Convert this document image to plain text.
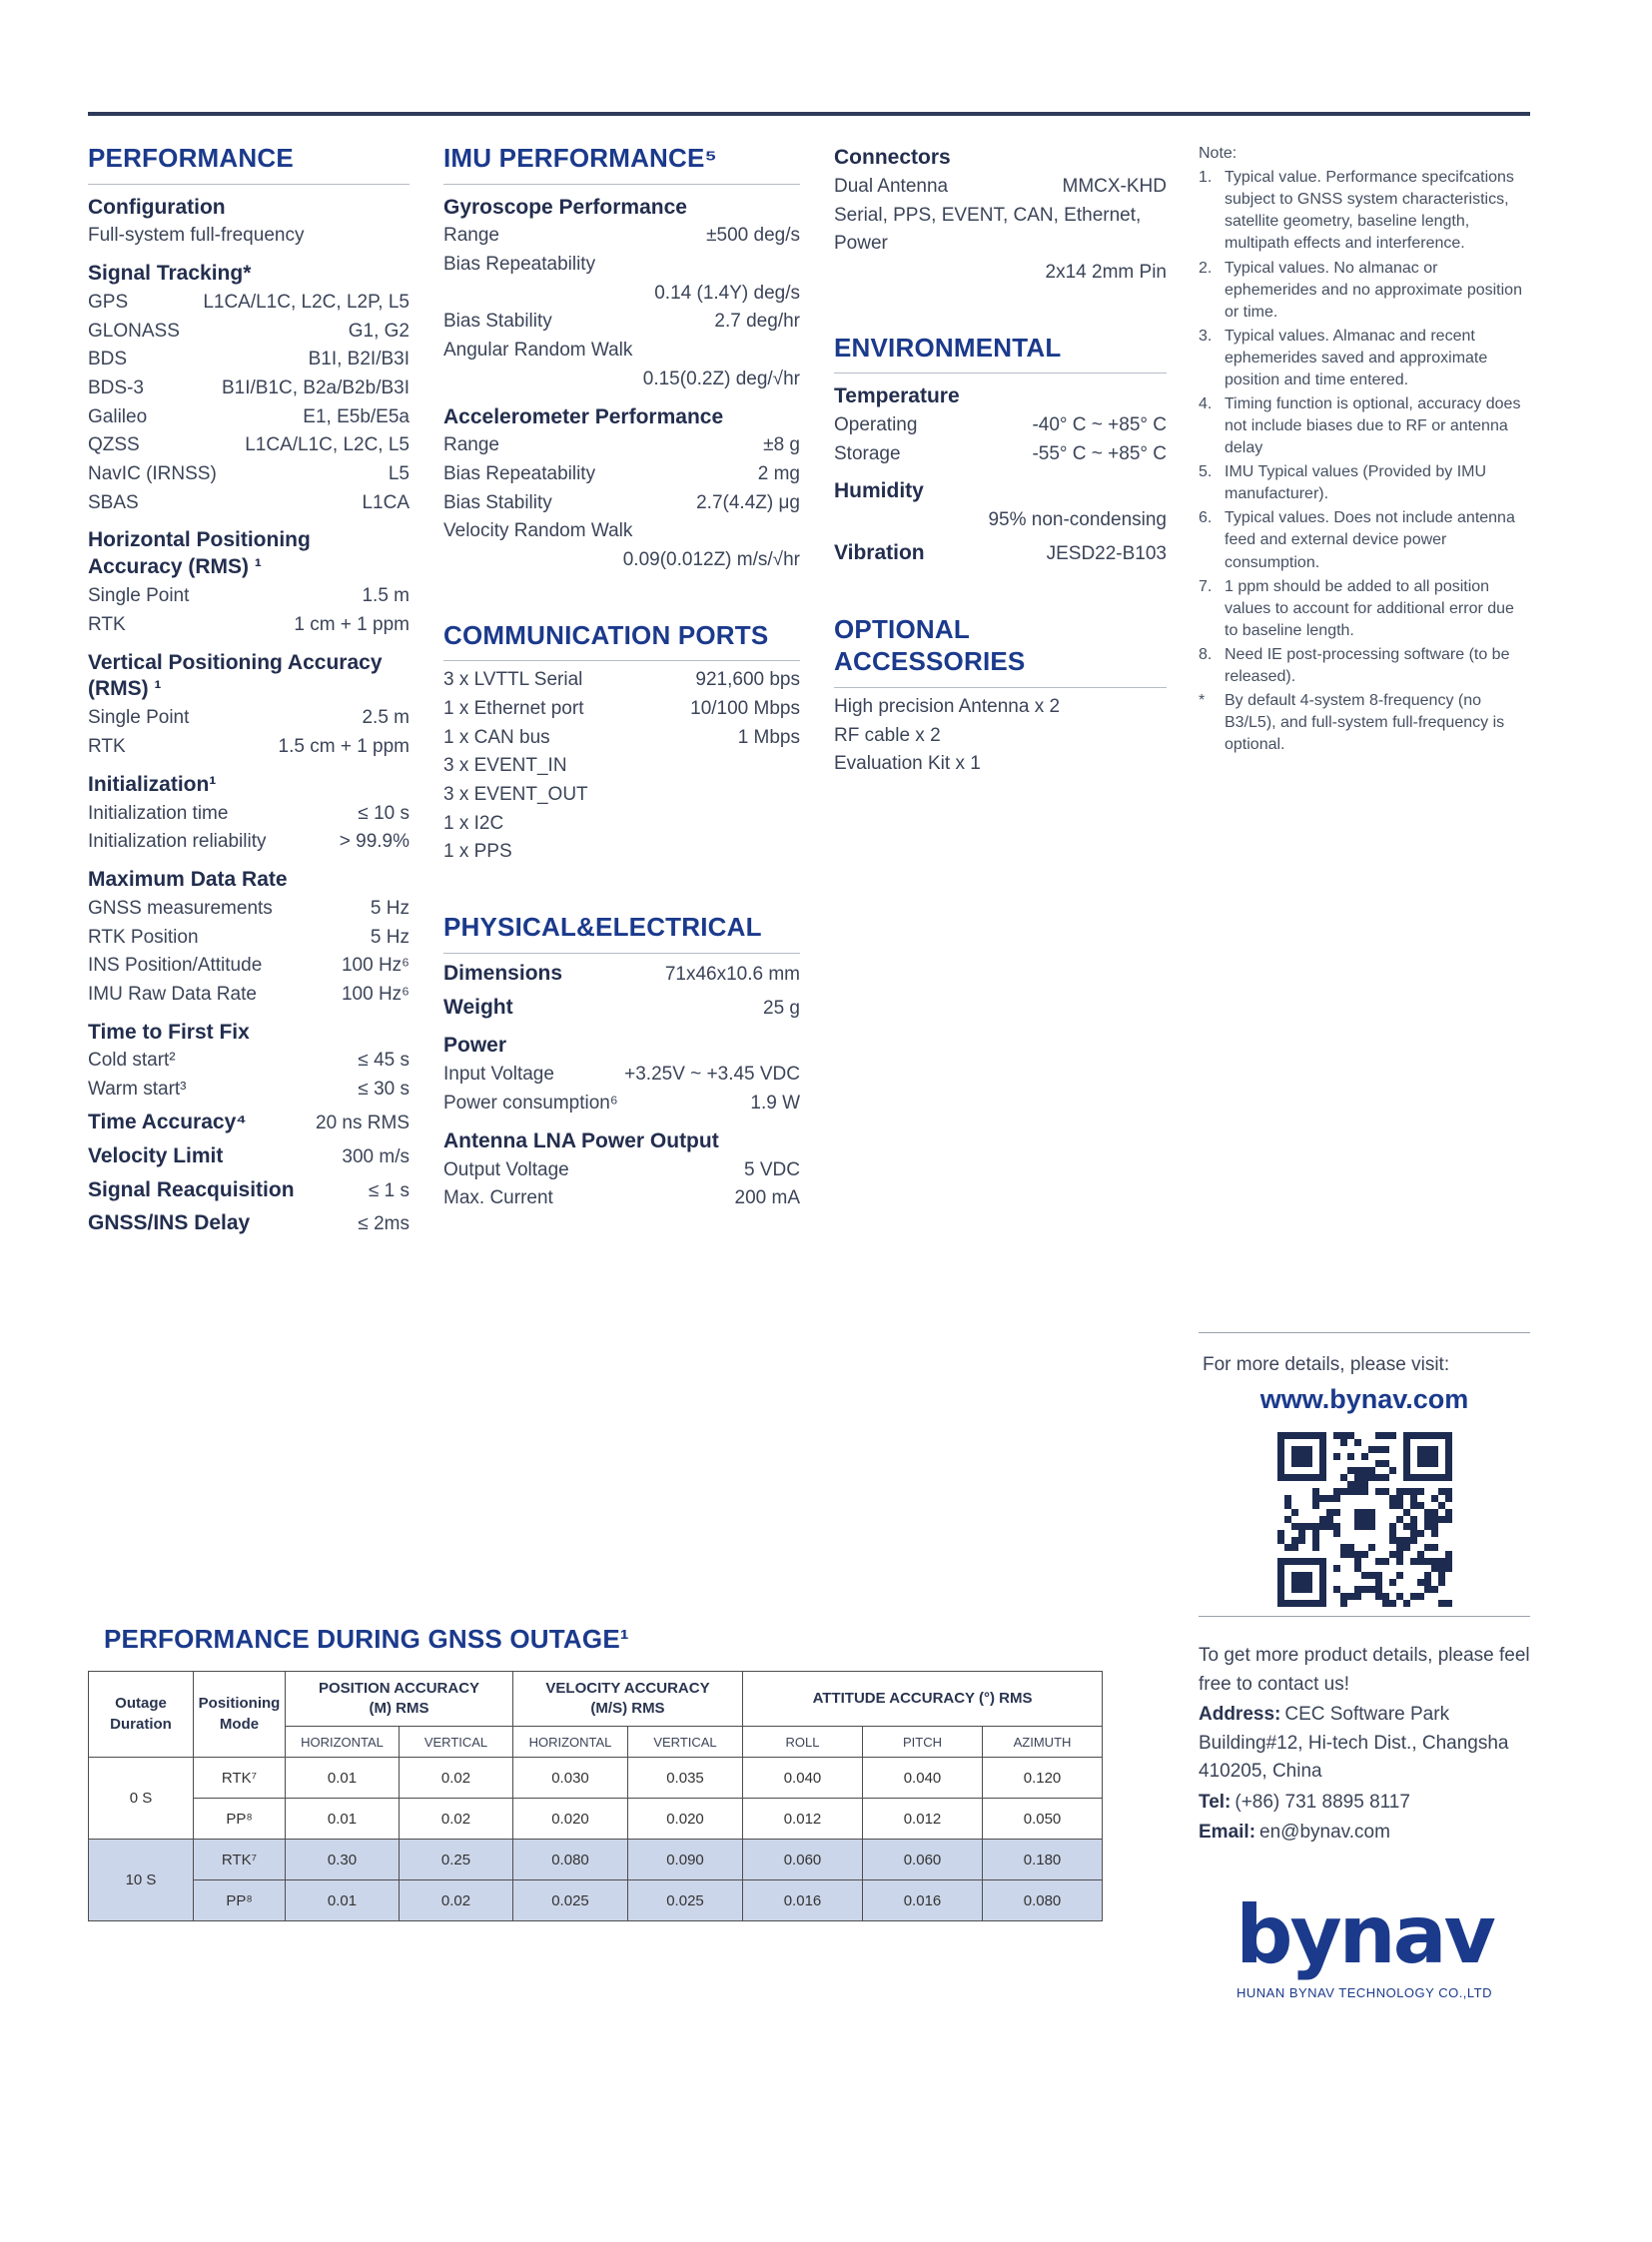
PERFORMANCE
Configuration
Full-system full-frequency
Signal Tracking*
GPS	L1CA/L1C, L2C, L2P, L5
GLONASS	G1, G2
BDS	B1I, B2I/B3I
BDS-3	B1I/B1C, B2a/B2b/B3I
Galileo	E1, E5b/E5a
QZSS	L1CA/L1C, L2C, L5
NavIC (IRNSS)	L5
SBAS	L1CA
Horizontal Positioning Accuracy (RMS) ¹
Single Point	1.5 m
RTK	1 cm + 1 ppm
Vertical Positioning Accuracy (RMS) ¹
Single Point	2.5 m
RTK	1.5 cm + 1 ppm
Initialization¹
Initialization time	≤ 10 s
Initialization reliability	> 99.9%
Maximum Data Rate
GNSS measurements	5 Hz
RTK Position	5 Hz
INS Position/Attitude	100 Hz⁶
IMU Raw Data Rate	100 Hz⁶
Time to First Fix
Cold start²	≤ 45 s
Warm start³	≤ 30 s
Time Accuracy⁴	20 ns RMS
Velocity Limit	300 m/s
Signal Reacquisition	≤ 1 s
GNSS/INS Delay	≤ 2ms
IMU PERFORMANCE⁵
Gyroscope Performance
Range	±500 deg/s
Bias Repeatability
0.14 (1.4Y) deg/s
Bias Stability	2.7 deg/hr
Angular Random Walk
0.15(0.2Z) deg/√hr
Accelerometer Performance
Range	±8 g
Bias Repeatability	2 mg
Bias Stability	2.7(4.4Z) μg
Velocity Random Walk
0.09(0.012Z) m/s/√hr
COMMUNICATION PORTS
3 x LVTTL Serial	921,600 bps
1 x Ethernet port	10/100 Mbps
1 x CAN bus	1 Mbps
3 x EVENT_IN
3 x EVENT_OUT
1 x I2C
1 x PPS
PHYSICAL&ELECTRICAL
Dimensions	71x46x10.6 mm
Weight	25 g
Power
Input Voltage	+3.25V ~ +3.45 VDC
Power consumption⁶	1.9 W
Antenna LNA Power Output
Output Voltage	5 VDC
Max. Current	200 mA
Connectors
Dual Antenna	MMCX-KHD
Serial, PPS, EVENT, CAN, Ethernet,
Power
2x14 2mm Pin
ENVIRONMENTAL
Temperature
Operating	-40° C ~ +85° C
Storage	-55° C ~ +85° C
Humidity
95% non-condensing
Vibration	JESD22-B103
OPTIONAL ACCESSORIES
High precision Antenna x 2
RF cable x 2
Evaluation Kit x 1
Note:
1. Typical value. Performance specifcations subject to GNSS system characteristics, satellite geometry, baseline length, multipath effects and interference.
2. Typical values. No almanac or ephemerides and no approximate position or time.
3. Typical values. Almanac and recent ephemerides saved and approximate position and time entered.
4. Timing function is optional, accuracy does not include biases due to RF or antenna delay
5. IMU Typical values (Provided by IMU manufacturer).
6. Typical values. Does not include antenna feed and external device power consumption.
7. 1 ppm should be added to all position values to account for additional error due to baseline length.
8. Need IE post-processing software (to be released).
*	By default 4-system 8-frequency (no B3/L5), and full-system full-frequency is optional.
For more details, please visit:
www.bynav.com

To get more product details, please feel free to contact us!

Address: CEC Software Park Building#12, Hi-tech Dist., Changsha 410205, China

Tel: (+86) 731 8895 8117

Email: en@bynav.com

bynav
HUNAN BYNAV TECHNOLOGY CO.,LTD
PERFORMANCE DURING GNSS OUTAGE¹
Outage
Duration

Positioning
Mode

POSITION ACCURACY
(M) RMS

VELOCITY ACCURACY
(M/S) RMS

ATTITUDE ACCURACY (°) RMS

		HORIZONTAL	VERTICAL	HORIZONTAL	VERTICAL	ROLL	PITCH	AZIMUTH
0 S	RTK⁷	0.01	0.02	0.030	0.035	0.040	0.040	0.120
	PP⁸	0.01	0.02	0.020	0.020	0.012	0.012	0.050
10 S	RTK⁷	0.30	0.25	0.080	0.090	0.060	0.060	0.180
	PP⁸	0.01	0.02	0.025	0.025	0.016	0.016	0.080
